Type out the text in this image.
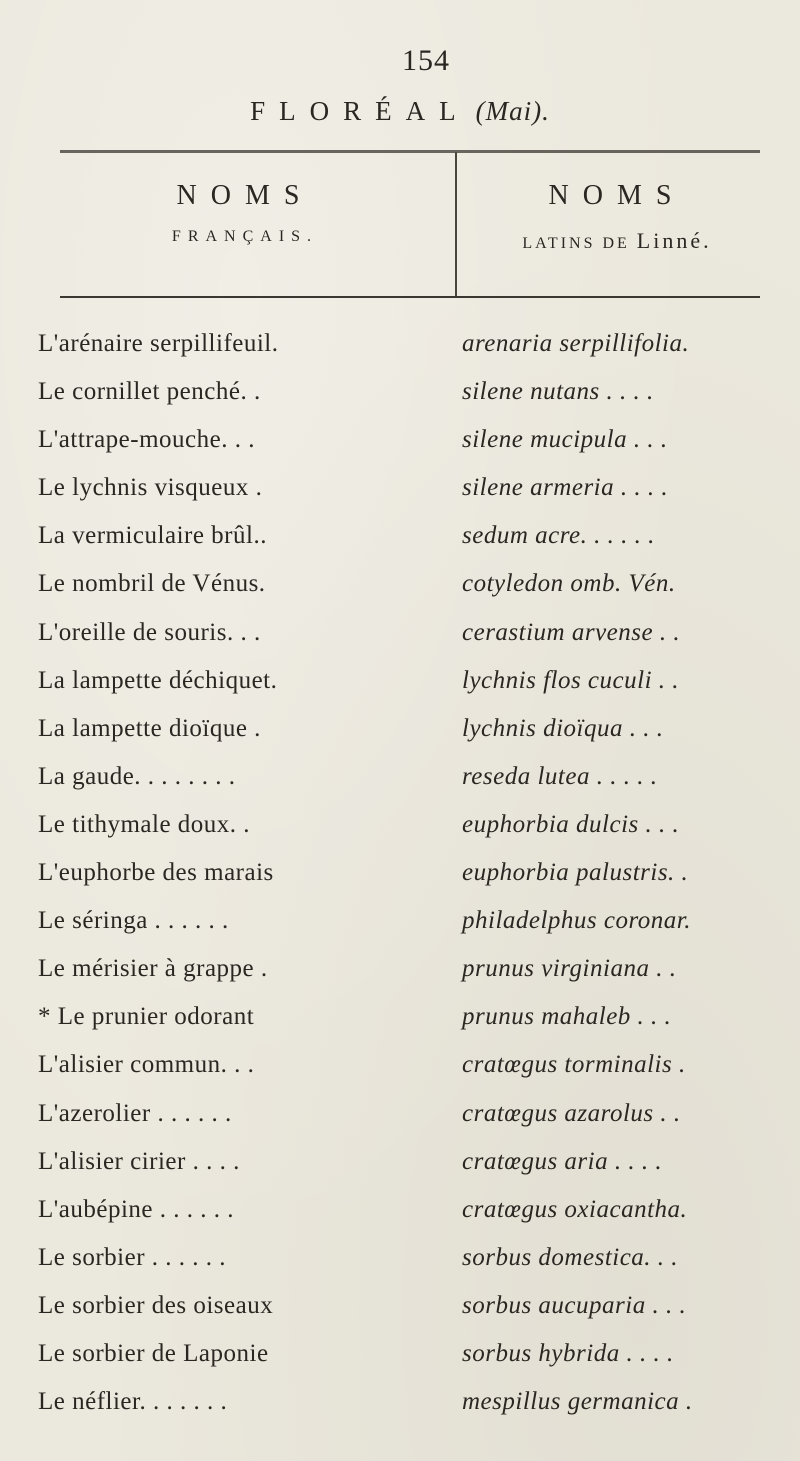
154
FLORÉAL (Mai).
NOMS
FRANÇAIS.
NOMS
LATINS DE Linné.
L'arénaire serpillifeuil.	arenaria serpillifolia.
Le cornillet penché. .	silene nutans . . . .
L'attrape-mouche. . .	silene mucipula . . .
Le lychnis visqueux .	silene armeria . . . .
La vermiculaire brûl..	sedum acre. . . . . .
Le nombril de Vénus.	cotyledon omb. Vén.
L'oreille de souris. . .	cerastium arvense . .
La lampette déchiquet.	lychnis flos cuculi . .
La lampette dioïque .	lychnis dioïqua . . .
La gaude. . . . . . . .	reseda lutea . . . . .
Le tithymale doux. .	euphorbia dulcis . . .
L'euphorbe des marais	euphorbia palustris. .
Le séringa . . . . . .	philadelphus coronar.
Le mérisier à grappe .	prunus virginiana . .
* Le prunier odorant	prunus mahaleb . . .
L'alisier commun. . .	cratœgus torminalis .
L'azerolier . . . . . .	cratœgus azarolus . .
L'alisier cirier . . . .	cratœgus aria . . . .
L'aubépine . . . . . .	cratœgus oxiacantha.
Le sorbier . . . . . .	sorbus domestica. . .
Le sorbier des oiseaux	sorbus aucuparia . . .
Le sorbier de Laponie	sorbus hybrida . . . .
Le néflier. . . . . . .	mespillus germanica .
